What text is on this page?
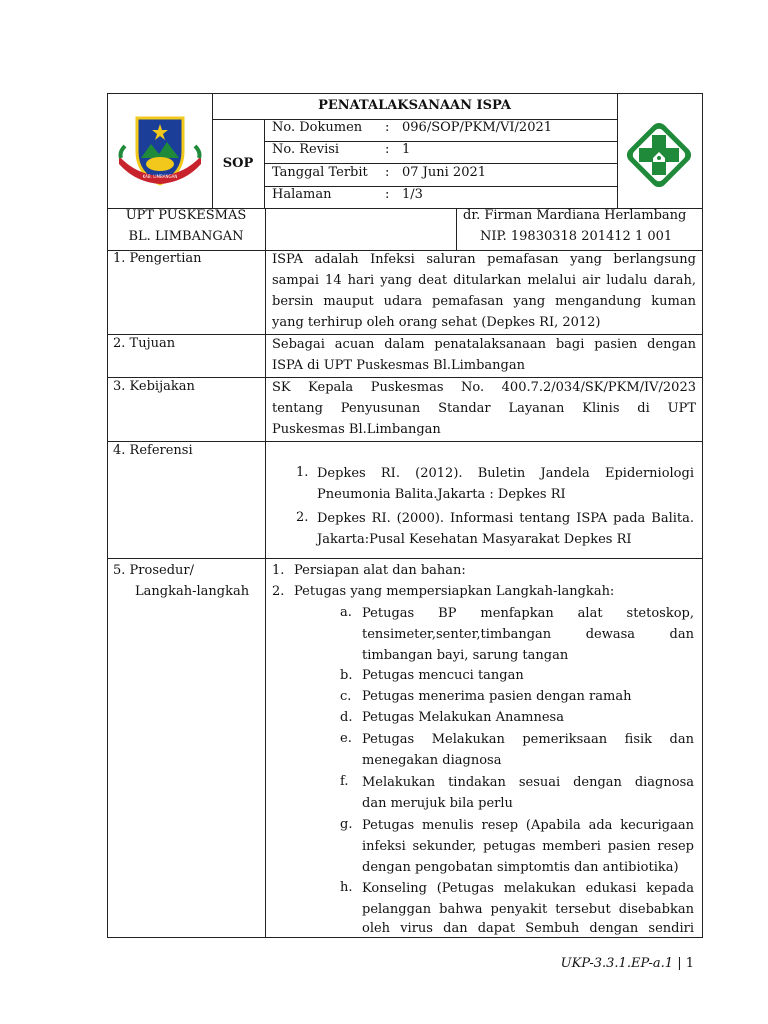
KAB. LIMBANGAN
PENATALAKSANAAN ISPA
SOP
No. Dokumen : 096/SOP/PKM/VI/2021
No. Revisi	: 1
Tanggal Terbit : 07 Juni 2021
Halaman	: 1/3
UPT PUSKESMAS
BL. LIMBANGAN
dr. Firman Mardiana Herlambang
NIP. 19830318 201412 1 001
1. Pengertian	ISPA adalah Infeksi saluran pemafasan yang berlangsung
sampai 14 hari yang deat ditularkan melalui air ludalu darah,
bersin mauput udara pemafasan yang mengandung kuman
yang terhirup oleh orang sehat (Depkes RI, 2012)
2. Tujuan	Sebagai acuan dalam penatalaksanaan bagi pasien dengan
ISPA di UPT Puskesmas Bl.Limbangan
3. Kebijakan	SK Kepala Puskesmas No. 400.7.2/034/SK/PKM/IV/2023
tentang Penyusunan Standar Layanan Klinis di UPT
Puskesmas Bl.Limbangan
4. Referensi
1. Depkes RI. (2012). Buletin Jandela Epiderniologi
Pneumonia Balita.Jakarta : Depkes RI
2. Depkes RI. (2000). Informasi tentang ISPA pada Balita.
Jakarta:Pusal Kesehatan Masyarakat Depkes RI
5. Prosedur/
Langkah-langkah
1. Persiapan alat dan bahan:
2. Petugas yang mempersiapkan Langkah-langkah:
a. Petugas BP menfapkan alat stetoskop,
tensimeter,senter,timbangan dewasa dan
timbangan bayi, sarung tangan
b. Petugas mencuci tangan
c. Petugas menerima pasien dengan ramah
d. Petugas Melakukan Anamnesa
e. Petugas Melakukan pemeriksaan fisik dan
menegakan diagnosa
f. Melakukan tindakan sesuai dengan diagnosa
dan merujuk bila perlu
g. Petugas menulis resep (Apabila ada kecurigaan
infeksi sekunder, petugas memberi pasien resep
dengan pengobatan simptomtis dan antibiotika)
h. Konseling (Petugas melakukan edukasi kepada
pelanggan bahwa penyakit tersebut disebabkan
oleh virus dan dapat Sembuh dengan sendiri
UKP-3.3.1.EP-a.1 | 1
